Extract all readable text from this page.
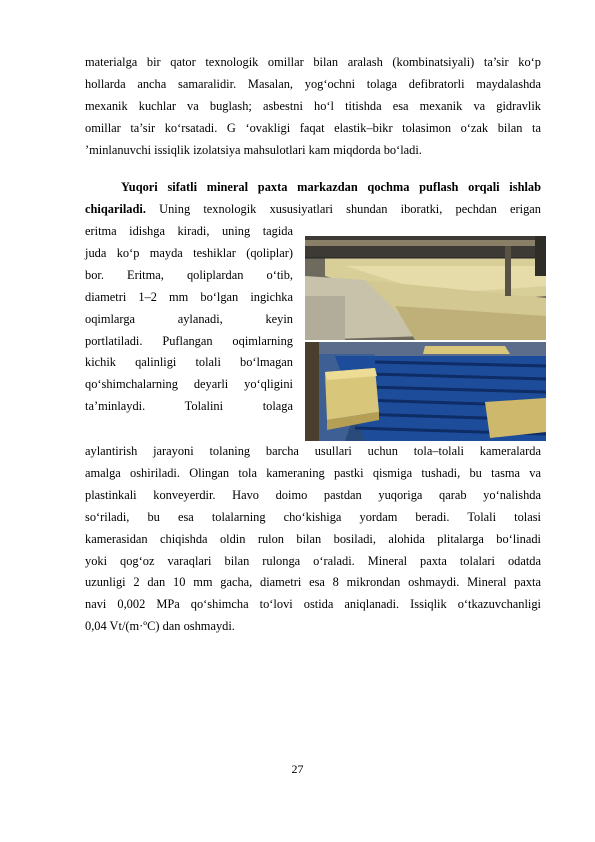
materialga bir qator texnologik omillar bilan aralash (kombinatsiyali) ta’sir ko‘p
hollarda ancha samaralidir. Masalan, yog‘ochni tolaga defibratorli maydalashda
mexanik kuchlar va buglash; asbestni ho‘l titishda esa mexanik va gidravlik
omillar ta’sir ko‘rsatadi. G ‘ovakligi faqat elastik–bikr tolasimon o‘zak bilan ta
’minlanuvchi issiqlik izolatsiya mahsulotlari kam miqdorda bo‘ladi.
Yuqori sifatli mineral paxta markazdan qochma puflash orqali ishlab
chiqariladi. Uning texnologik xususiyatlari shundan iboratki, pechdan erigan
eritma idishga kiradi, uning tagida
juda ko‘p mayda teshiklar (qoliplar)
bor. Eritma, qoliplardan o‘tib,
diametri 1–2 mm bo‘lgan ingichka
oqimlarga aylanadi, keyin
portlatiladi. Puflangan oqimlarning
kichik qalinligi tolali bo‘lmagan
qo‘shimchalarning deyarli yo‘qligini
ta’minlaydi. Tolalini tolaga
aylantirish jarayoni tolaning barcha usullari uchun tola–tolali kameralarda
amalga oshiriladi. Olingan tola kameraning pastki qismiga tushadi, bu tasma va
plastinkali konveyerdir. Havo doimo pastdan yuqoriga qarab yo‘nalishda
so‘riladi, bu esa tolalarning cho‘kishiga yordam beradi. Tolali tolasi
kamerasidan chiqishda oldin rulon bilan bosiladi, alohida plitalarga bo‘linadi
yoki qog‘oz varaqlari bilan rulonga o‘raladi. Mineral paxta tolalari odatda
uzunligi 2 dan 10 mm gacha, diametri esa 8 mikrondan oshmaydi. Mineral paxta
navi 0,002 MPa qo‘shimcha to‘lovi ostida aniqlanadi. Issiqlik o‘tkazuvchanligi
0,04 Vt/(m·ºC) dan oshmaydi.
27
